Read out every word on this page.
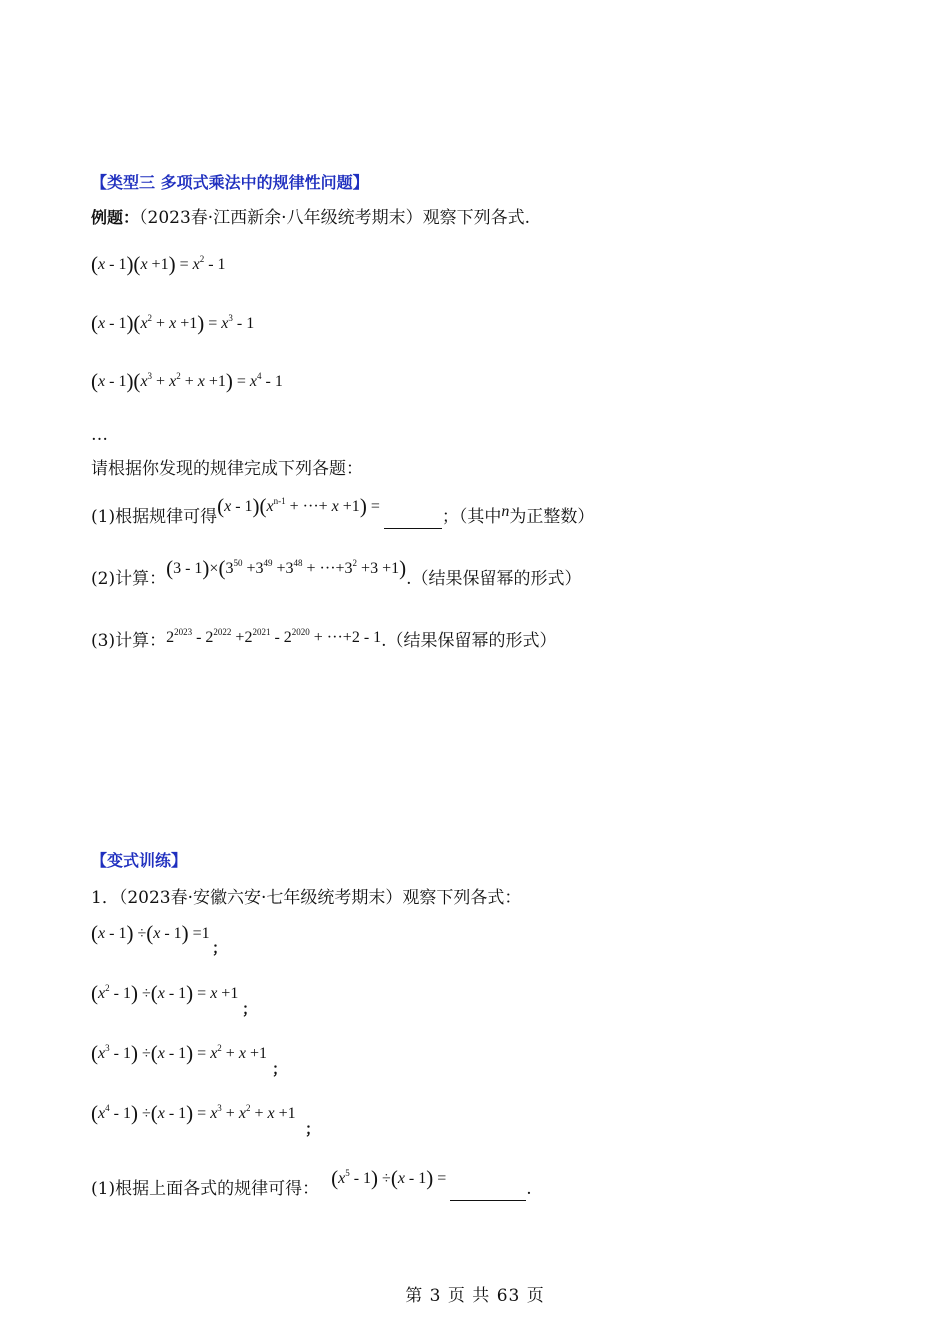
【类型三 多项式乘法中的规律性问题】
例题：（2023春·江西新余·八年级统考期末）观察下列各式.
$(x - 1)(x +1) = x^2 - 1$
$(x - 1)(x^2 + x +1) = x^3 - 1$
$(x - 1)(x^3 + x^2 + x +1) = x^4 - 1$
…
请根据你发现的规律完成下列各题：
(1)根据规律可得$(x - 1)(x^{n-1}$ + ···+ x +1) = ；（其中n为正整数）
(2)计算：$(3 - 1)\times(3^{50} +3^{49} +3^{48} + \cdot\cdot\cdot+3^2 +3 +1)$.（结果保留幂的形式）
(3)计算：$2^{2023} - 2^{2022} +2^{2021} - 2^{2020} + \cdot\cdot\cdot+2 - 1$.（结果保留幂的形式）
【变式训练】
1．（2023春·安徽六安·七年级统考期末）观察下列各式：
(x - 1) ÷(x - 1) =1
；
$(x^2 - 1) \div(x - 1) = x +1$
；
$(x^3 - 1) \div(x - 1) = x^2 + x +1$
；
$(x^4 - 1) \div(x - 1) = x^3 + x^2 + x +1$
；
(1)根据上面各式的规律可得： $(x^5 - 1) \div(x - 1)$ = .
第 3 页 共 63 页
